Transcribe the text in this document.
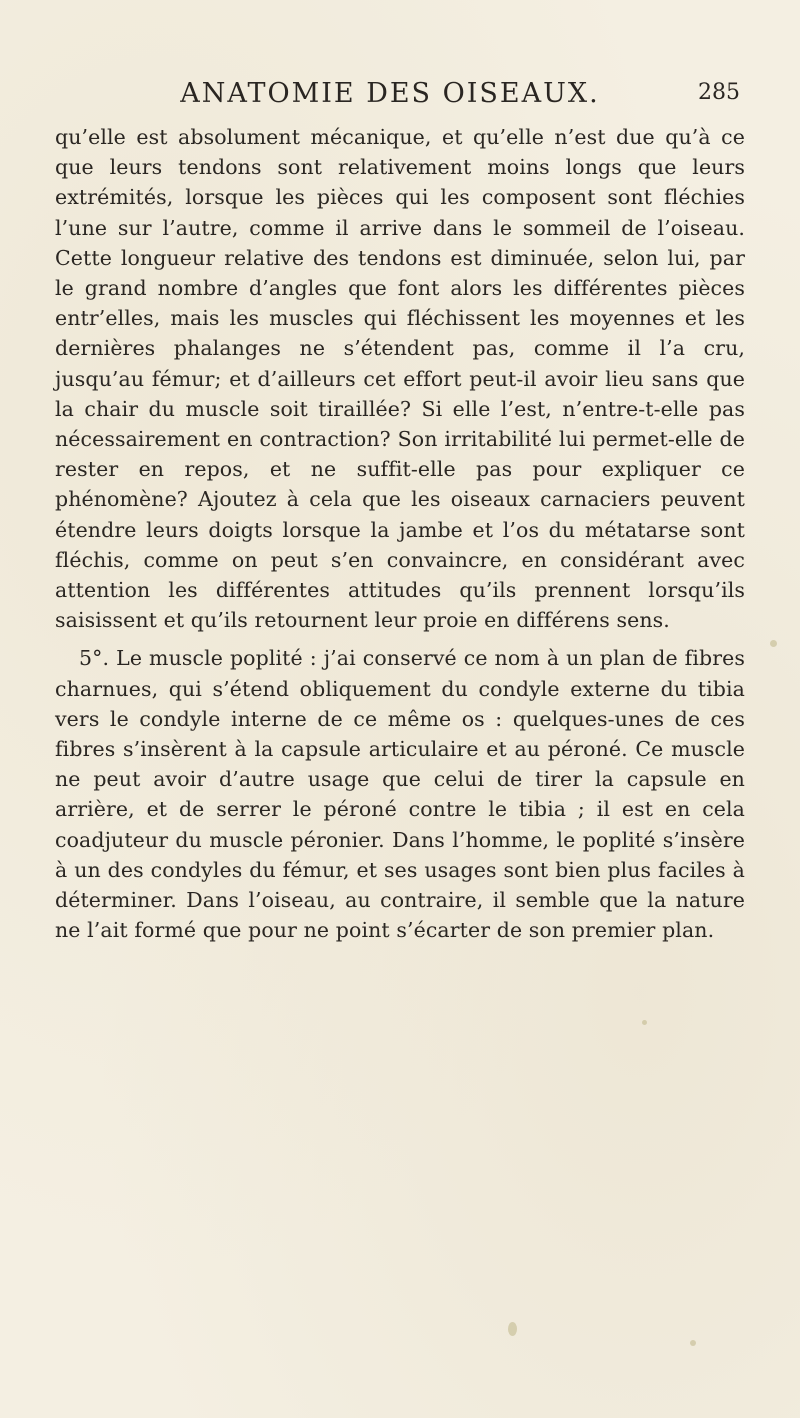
ANATOMIE DES OISEAUX.	285

qu’elle est absolument mécanique, et qu’elle n’est due qu’à ce que leurs tendons sont relativement moins longs que leurs extrémités, lorsque les pièces qui les composent sont fléchies l’une sur l’autre, comme il arrive dans le sommeil de l’oiseau. Cette longueur relative des tendons est diminuée, selon lui, par le grand nombre d’angles que font alors les différentes pièces entr’elles, mais les muscles qui fléchissent les moyennes et les dernières phalanges ne s’étendent pas, comme il l’a cru, jusqu’au fémur; et d’ailleurs cet effort peut-il avoir lieu sans que la chair du muscle soit tiraillée? Si elle l’est, n’entre-t-elle pas nécessairement en contraction? Son irritabilité lui permet-elle de rester en repos, et ne suffit-elle pas pour expliquer ce phénomène? Ajoutez à cela que les oiseaux carnaciers peuvent étendre leurs doigts lorsque la jambe et l’os du métatarse sont fléchis, comme on peut s’en convaincre, en considérant avec attention les différentes attitudes qu’ils prennent lorsqu’ils saisissent et qu’ils retournent leur proie en différens sens.

5°. Le muscle poplité : j’ai conservé ce nom à un plan de fibres charnues, qui s’étend obliquement du condyle externe du tibia vers le condyle interne de ce même os : quelques-unes de ces fibres s’insèrent à la capsule articulaire et au péroné. Ce muscle ne peut avoir d’autre usage que celui de tirer la capsule en arrière, et de serrer le péroné contre le tibia ; il est en cela coadjuteur du muscle péronier. Dans l’homme, le poplité s’insère à un des condyles du fémur, et ses usages sont bien plus faciles à déterminer. Dans l’oiseau, au contraire, il semble que la nature ne l’ait formé que pour ne point s’écarter de son premier plan.
